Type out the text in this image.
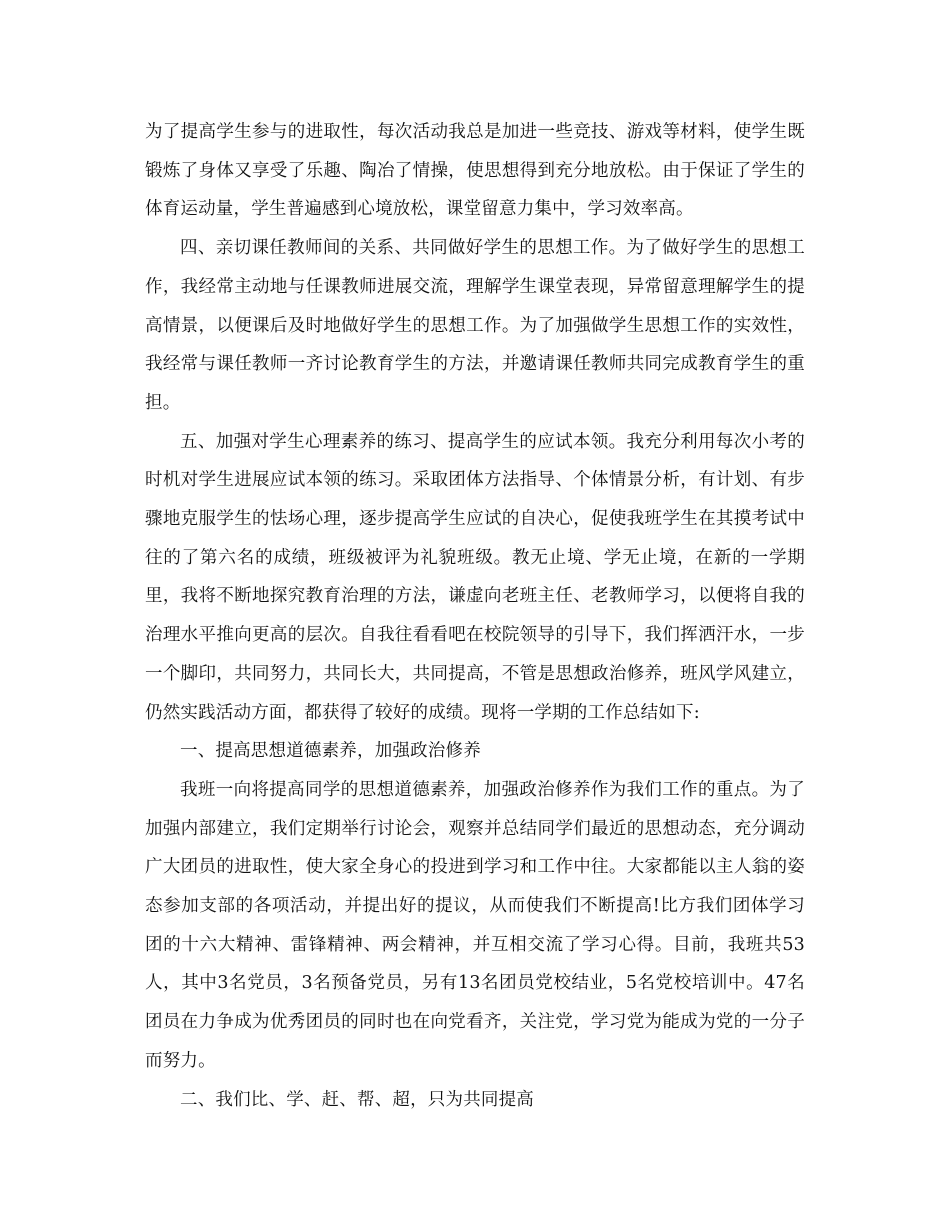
为了提高学生参与的进取性，每次活动我总是加进一些竞技、游戏等材料，使学生既锻炼了身体又享受了乐趣、陶冶了情操，使思想得到充分地放松。由于保证了学生的体育运动量，学生普遍感到心境放松，课堂留意力集中，学习效率高。

四、亲切课任教师间的关系、共同做好学生的思想工作。为了做好学生的思想工作，我经常主动地与任课教师进展交流，理解学生课堂表现，异常留意理解学生的提高情景，以便课后及时地做好学生的思想工作。为了加强做学生思想工作的实效性，我经常与课任教师一齐讨论教育学生的方法，并邀请课任教师共同完成教育学生的重担。

五、加强对学生心理素养的练习、提高学生的应试本领。我充分利用每次小考的时机对学生进展应试本领的练习。采取团体方法指导、个体情景分析，有计划、有步骤地克服学生的怯场心理，逐步提高学生应试的自决心，促使我班学生在其摸考试中往的了第六名的成绩，班级被评为礼貌班级。教无止境、学无止境，在新的一学期里，我将不断地探究教育治理的方法，谦虚向老班主任、老教师学习，以便将自我的治理水平推向更高的层次。自我往看看吧在校院领导的引导下，我们挥洒汗水，一步一个脚印，共同努力，共同长大，共同提高，不管是思想政治修养，班风学风建立，仍然实践活动方面，都获得了较好的成绩。现将一学期的工作总结如下:

一、提高思想道德素养，加强政治修养

我班一向将提高同学的思想道德素养，加强政治修养作为我们工作的重点。为了加强内部建立，我们定期举行讨论会，观察并总结同学们最近的思想动态，充分调动广大团员的进取性，使大家全身心的投进到学习和工作中往。大家都能以主人翁的姿态参加支部的各项活动，并提出好的提议，从而使我们不断提高!比方我们团体学习团的十六大精神、雷锋精神、两会精神，并互相交流了学习心得。目前，我班共53人，其中3名党员，3名预备党员，另有13名团员党校结业，5名党校培训中。47名团员在力争成为优秀团员的同时也在向党看齐，关注党，学习党为能成为党的一分子而努力。

二、我们比、学、赶、帮、超，只为共同提高
